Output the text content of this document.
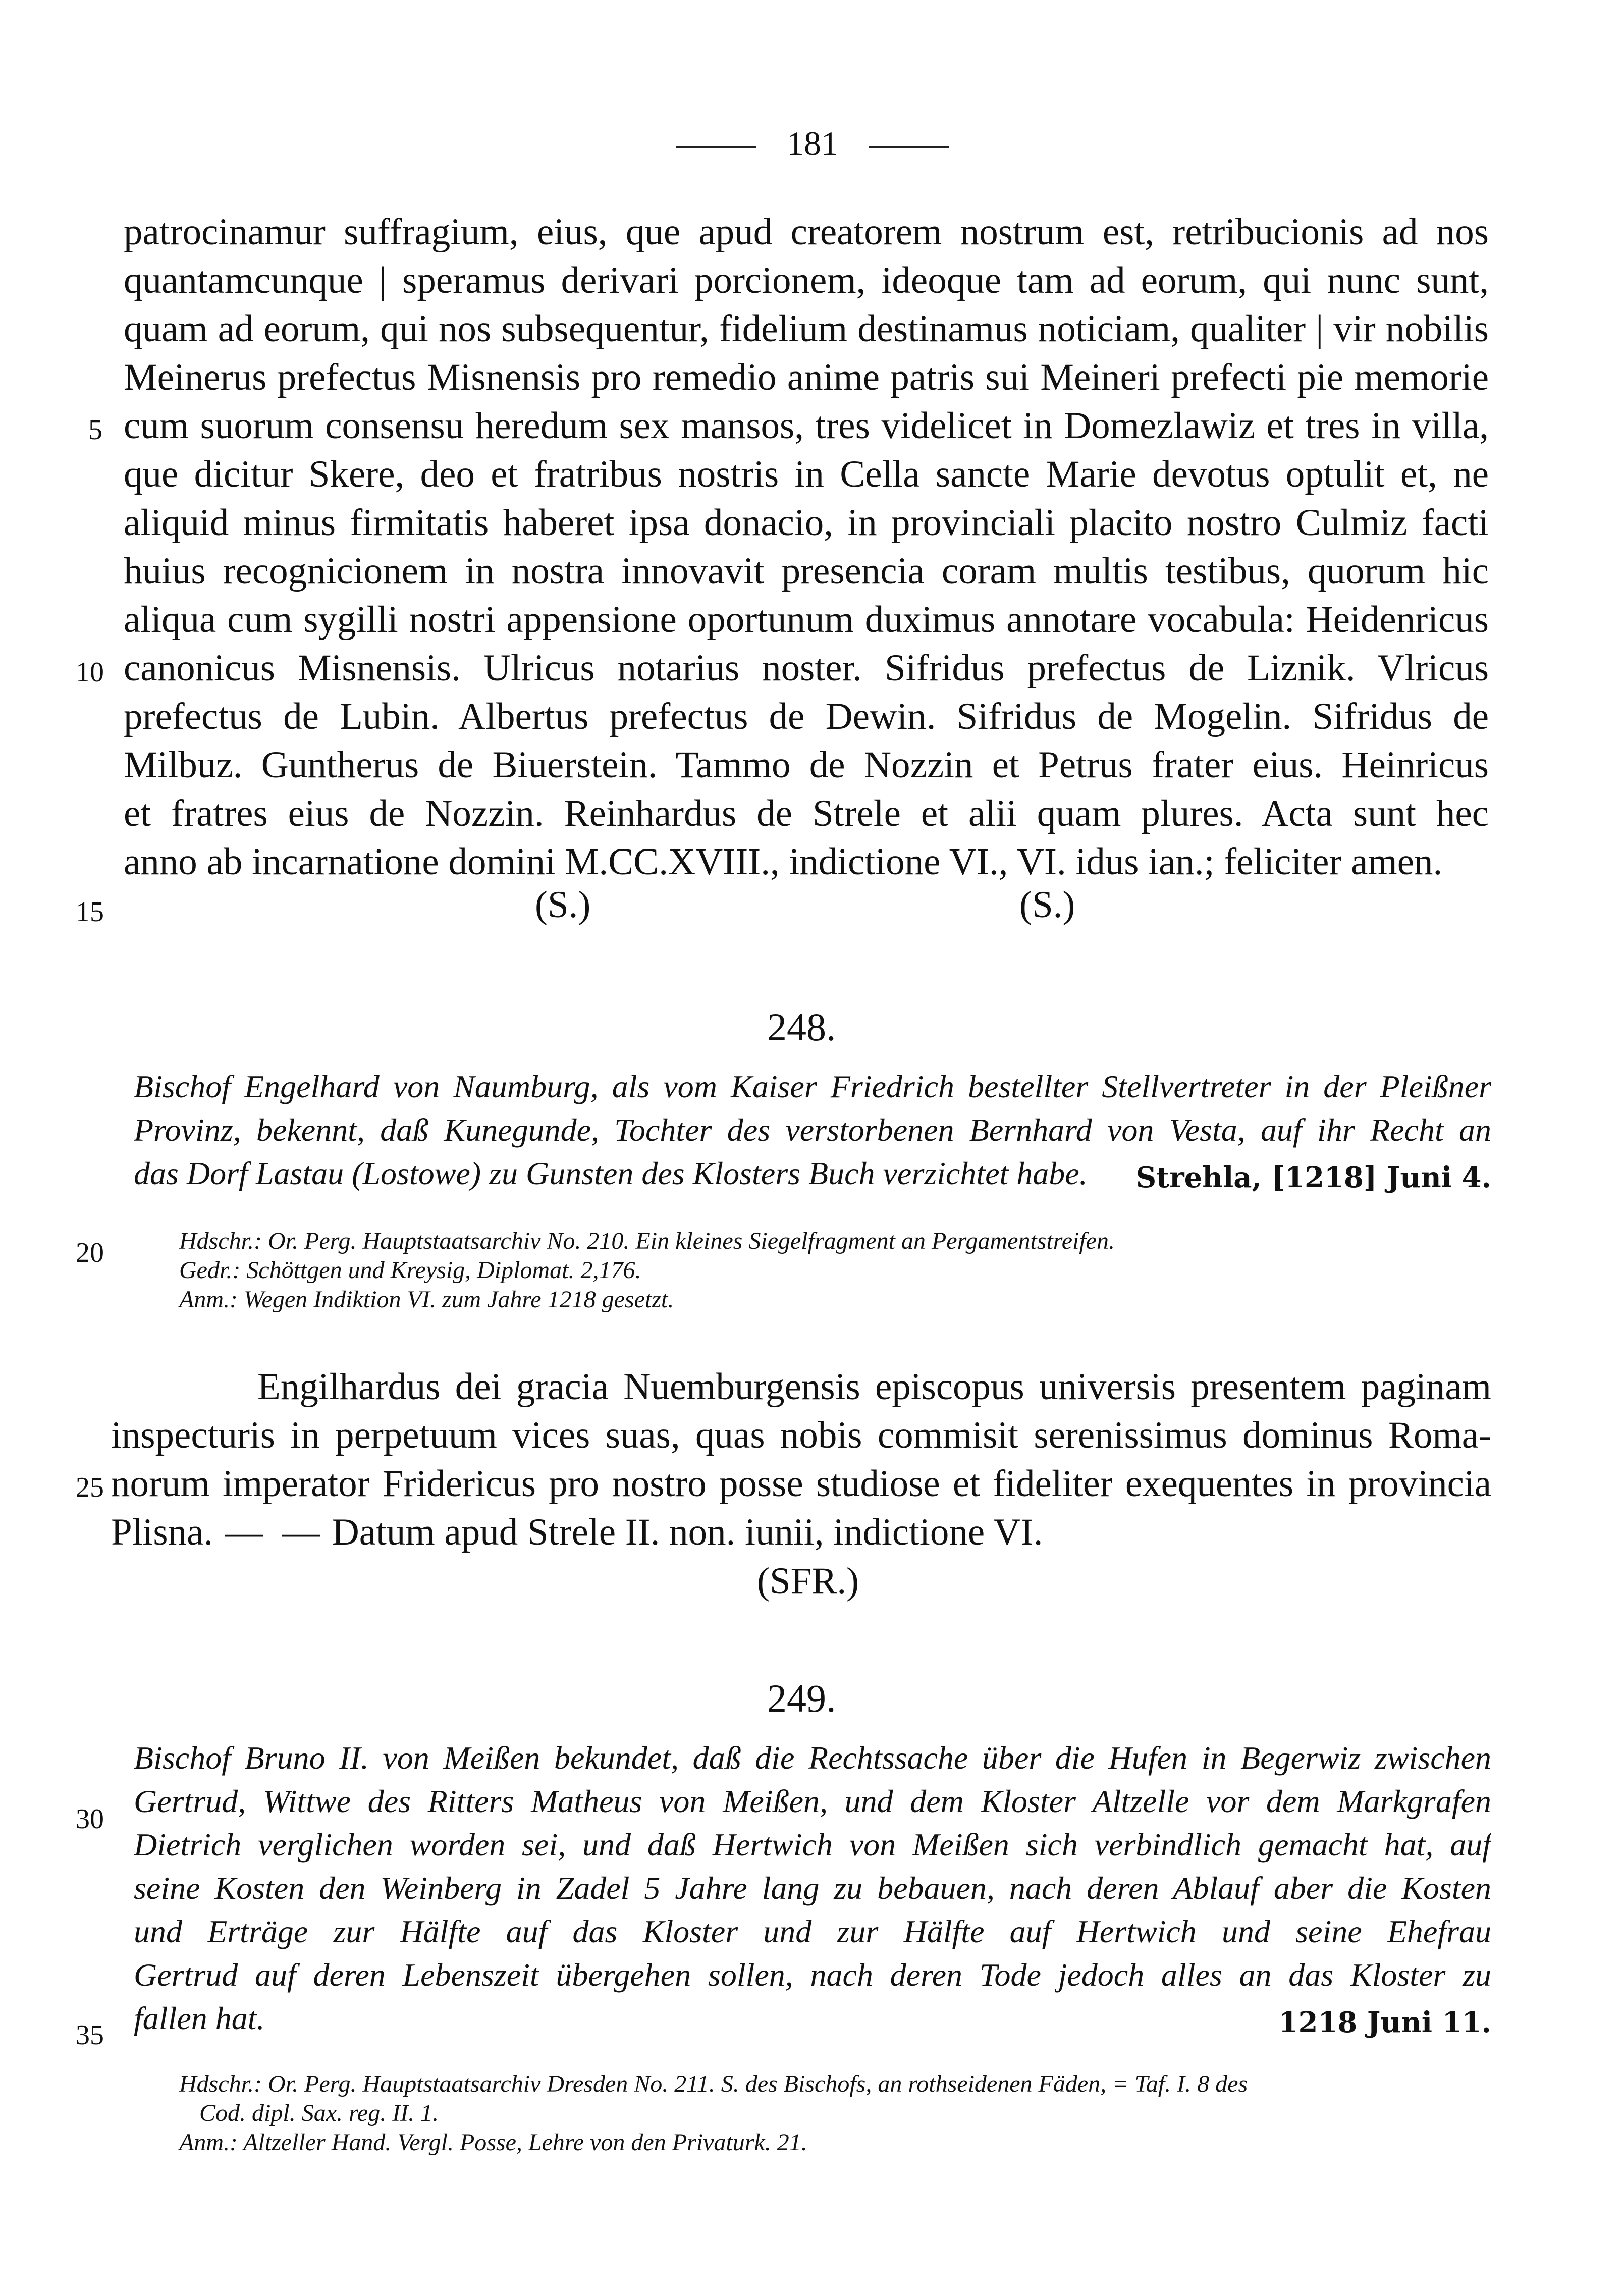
181
patrocinamur suffragium, eius, que apud creatorem nostrum est, retribucionis ad nos
quantamcunque | speramus derivari porcionem, ideoque tam ad eorum, qui nunc sunt,
quam ad eorum, qui nos subsequentur, fidelium destinamus noticiam, qualiter | vir nobilis
Meinerus prefectus Misnensis pro remedio anime patris sui Meineri prefecti pie memorie
cum suorum consensu heredum sex mansos, tres videlicet in Domezlawiz et tres in villa,
que dicitur Skere, deo et fratribus nostris in Cella sancte Marie devotus optulit et, ne
aliquid minus firmitatis haberet ipsa donacio, in provinciali placito nostro Culmiz facti
huius recognicionem in nostra innovavit presencia coram multis testibus, quorum hic
aliqua cum sygilli nostri appensione oportunum duximus annotare vocabula: Heidenricus
canonicus Misnensis. Ulricus notarius noster. Sifridus prefectus de Liznik. Vlricus
prefectus de Lubin. Albertus prefectus de Dewin. Sifridus de Mogelin. Sifridus de
Milbuz. Guntherus de Biuerstein. Tammo de Nozzin et Petrus frater eius. Heinricus
et fratres eius de Nozzin. Reinhardus de Strele et alii quam plures. Acta sunt hec
anno ab incarnatione domini M.CC.XVIII., indictione VI., VI. idus ian.; feliciter amen.
(S.)	(S.)
5
10
15
20
25
30
35
248.
Bischof Engelhard von Naumburg, als vom Kaiser Friedrich bestellter Stellvertreter in der Pleißner
Provinz, bekennt, daß Kunegunde, Tochter des verstorbenen Bernhard von Vesta, auf ihr Recht an
das Dorf Lastau (Lostowe) zu Gunsten des Klosters Buch verzichtet habe. Strehla, [1218] Juni 4.
Hdschr.: Or. Perg. Hauptstaatsarchiv No. 210. Ein kleines Siegelfragment an Pergamentstreifen.
Gedr.: Schöttgen und Kreysig, Diplomat. 2,176.
Anm.: Wegen Indiktion VI. zum Jahre 1218 gesetzt.
Engilhardus dei gracia Nuemburgensis episcopus universis presentem paginam
inspecturis in perpetuum vices suas, quas nobis commisit serenissimus dominus Roma-
norum imperator Fridericus pro nostro posse studiose et fideliter exequentes in provincia
Plisna. —  — Datum apud Strele II. non. iunii, indictione VI.
(SFR.)
249.
Bischof Bruno II. von Meißen bekundet, daß die Rechtssache über die Hufen in Begerwiz zwischen
Gertrud, Wittwe des Ritters Matheus von Meißen, und dem Kloster Altzelle vor dem Markgrafen
Dietrich verglichen worden sei, und daß Hertwich von Meißen sich verbindlich gemacht hat, auf
seine Kosten den Weinberg in Zadel 5 Jahre lang zu bebauen, nach deren Ablauf aber die Kosten
und Erträge zur Hälfte auf das Kloster und zur Hälfte auf Hertwich und seine Ehefrau
Gertrud auf deren Lebenszeit übergehen sollen, nach deren Tode jedoch alles an das Kloster zu
fallen hat.	1218 Juni 11.
Hdschr.: Or. Perg. Hauptstaatsarchiv Dresden No. 211. S. des Bischofs, an rothseidenen Fäden, = Taf. I. 8 des
Cod. dipl. Sax. reg. II. 1.
Anm.: Altzeller Hand. Vergl. Posse, Lehre von den Privaturk. 21.
